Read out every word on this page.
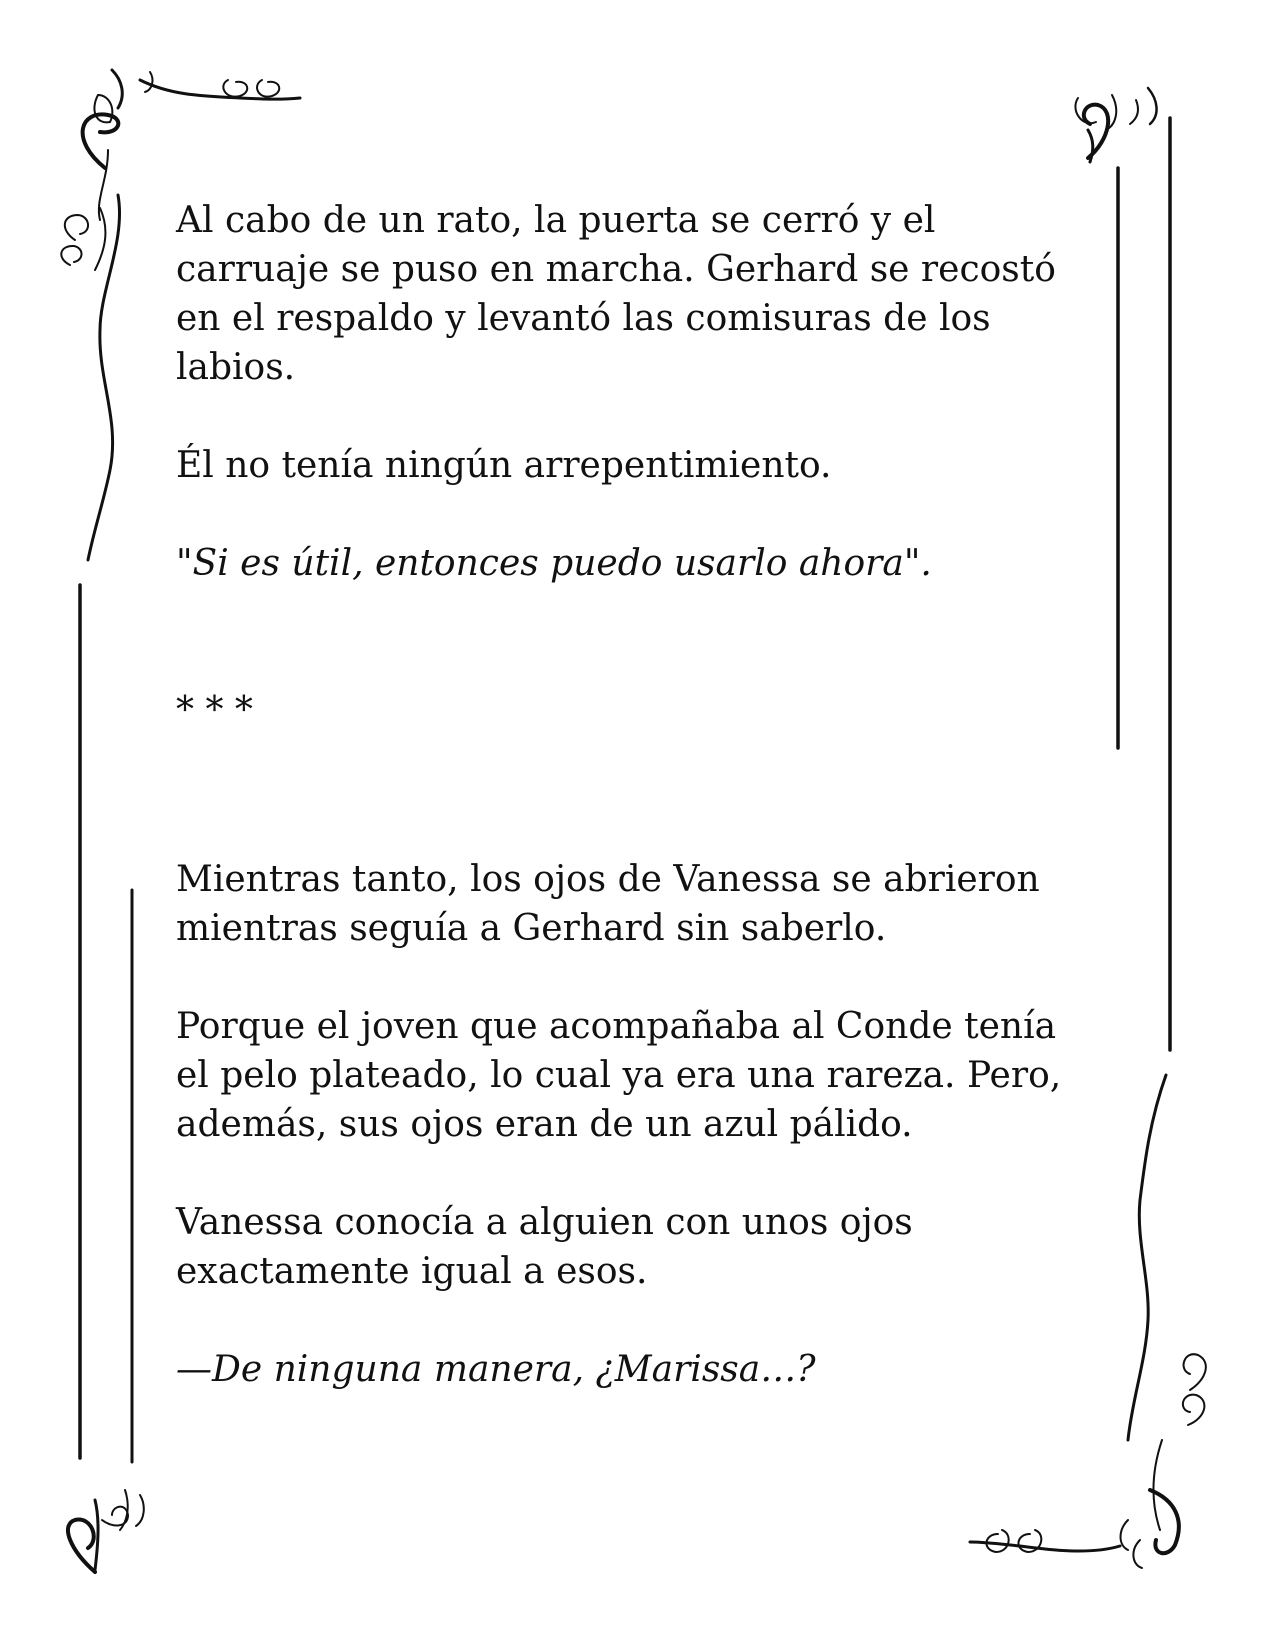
Al cabo de un rato, la puerta se cerró y el carruaje se puso en marcha. Gerhard se recostó en el respaldo y levantó las comisuras de los labios.

Él no tenía ningún arrepentimiento.

"Si es útil, entonces puedo usarlo ahora".

* * *

Mientras tanto, los ojos de Vanessa se abrieron mientras seguía a Gerhard sin saberlo.

Porque el joven que acompañaba al Conde tenía el pelo plateado, lo cual ya era una rareza. Pero, además, sus ojos eran de un azul pálido.

Vanessa conocía a alguien con unos ojos exactamente igual a esos.

—De ninguna manera, ¿Marissa…?
